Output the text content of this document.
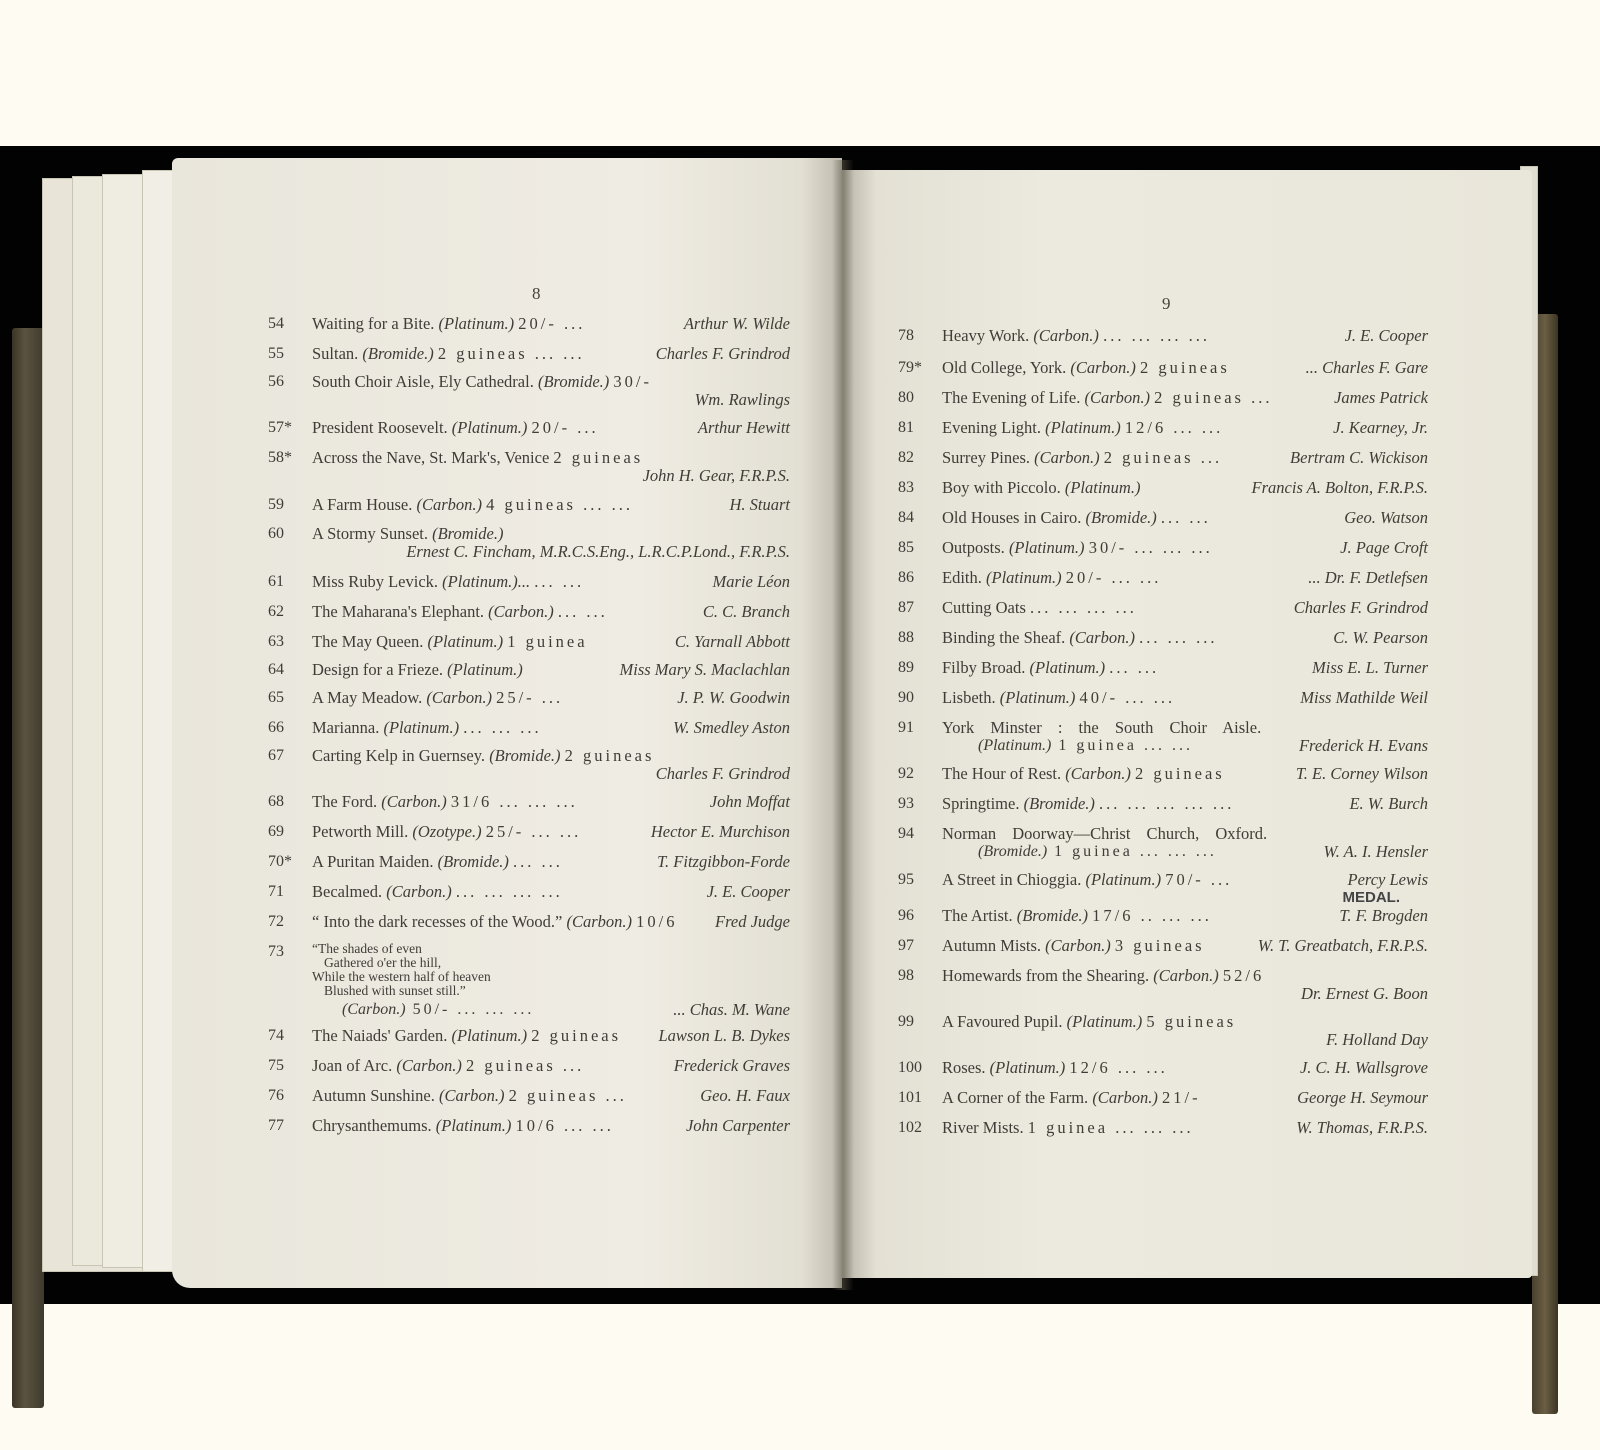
8
54	Waiting for a Bite. (Platinum.) 20/- ...	Arthur W. Wilde
55	Sultan. (Bromide.) 2 guineas ... ...	Charles F. Grindrod
56	South Choir Aisle, Ely Cathedral. (Bromide.) 30/-
Wm. Rawlings
57*	President Roosevelt. (Platinum.) 20/- ...	Arthur Hewitt
58*	Across the Nave, St. Mark's, Venice 2 guineas
John H. Gear, F.R.P.S.
59	A Farm House. (Carbon.) 4 guineas ... ...	H. Stuart
60	A Stormy Sunset. (Bromide.)
Ernest C. Fincham, M.R.C.S.Eng., L.R.C.P.Lond., F.R.P.S.
61	Miss Ruby Levick. (Platinum.)... ... ...	Marie Léon
62	The Maharana's Elephant. (Carbon.) ... ...	C. C. Branch
63	The May Queen. (Platinum.) 1 guinea	C. Yarnall Abbott
64	Design for a Frieze. (Platinum.)	Miss Mary S. Maclachlan
65	A May Meadow. (Carbon.) 25/- ...	J. P. W. Goodwin
66	Marianna. (Platinum.) ... ... ...	W. Smedley Aston
67	Carting Kelp in Guernsey. (Bromide.) 2 guineas
Charles F. Grindrod
68	The Ford. (Carbon.) 31/6 ... ... ...	John Moffat
69	Petworth Mill. (Ozotype.) 25/- ... ...	Hector E. Murchison
70*	A Puritan Maiden. (Bromide.) ... ...	T. Fitzgibbon-Forde
71	Becalmed. (Carbon.) ... ... ... ...	J. E. Cooper
72	“ Into the dark recesses of the Wood.” (Carbon.) 10/6 Fred Judge
73	“The shades of even
Gathered o'er the hill,
While the western half of heaven
Blushed with sunset still.”
(Carbon.) 50/- ... ... ...	... Chas. M. Wane
74	The Naiads' Garden. (Platinum.) 2 guineas Lawson L. B. Dykes
75	Joan of Arc. (Carbon.) 2 guineas ...	Frederick Graves
76	Autumn Sunshine. (Carbon.) 2 guineas ...	Geo. H. Faux
77	Chrysanthemums. (Platinum.) 10/6 ... ...	John Carpenter
9
78	Heavy Work. (Carbon.) ... ... ... ...	J. E. Cooper
79*	Old College, York. (Carbon.) 2 guineas	... Charles F. Gare
80	The Evening of Life. (Carbon.) 2 guineas ...	James Patrick
81	Evening Light. (Platinum.) 12/6 ... ...	J. Kearney, Jr.
82	Surrey Pines. (Carbon.) 2 guineas ...	Bertram C. Wickison
83	Boy with Piccolo. (Platinum.)	Francis A. Bolton, F.R.P.S.
84	Old Houses in Cairo. (Bromide.) ... ...	Geo. Watson
85	Outposts. (Platinum.) 30/- ... ... ...	J. Page Croft
86	Edith. (Platinum.) 20/- ... ...	... Dr. F. Detlefsen
87	Cutting Oats ... ... ... ...	Charles F. Grindrod
88	Binding the Sheaf. (Carbon.) ... ... ...	C. W. Pearson
89	Filby Broad. (Platinum.) ... ...	Miss E. L. Turner
90	Lisbeth. (Platinum.) 40/- ... ...	Miss Mathilde Weil
91	York Minster : the South Choir Aisle.
(Platinum.) 1 guinea ... ...	Frederick H. Evans
92	The Hour of Rest. (Carbon.) 2 guineas	T. E. Corney Wilson
93	Springtime. (Bromide.) ... ... ... ... ...	E. W. Burch
94	Norman Doorway—Christ Church, Oxford.
(Bromide.) 1 guinea ... ... ...	W. A. I. Hensler
95	A Street in Chioggia. (Platinum.) 70/- ...	Percy Lewis
MEDAL.
96	The Artist. (Bromide.) 17/6 .. ... ...	T. F. Brogden
97	Autumn Mists. (Carbon.) 3 guineas	W. T. Greatbatch, F.R.P.S.
98	Homewards from the Shearing. (Carbon.) 52/6
Dr. Ernest G. Boon
99	A Favoured Pupil. (Platinum.) 5 guineas
F. Holland Day
100	Roses. (Platinum.) 12/6 ... ...	J. C. H. Wallsgrove
101	A Corner of the Farm. (Carbon.) 21/-	George H. Seymour
102	River Mists. 1 guinea ... ... ...	W. Thomas, F.R.P.S.
